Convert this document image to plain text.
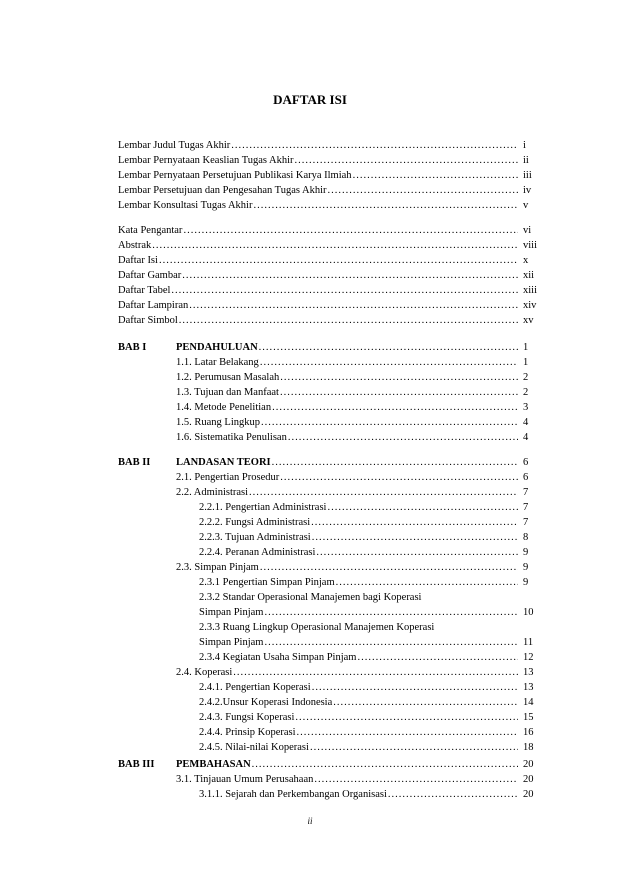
DAFTAR ISI
Lembar Judul Tugas Akhir .....	i
Lembar Pernyataan Keaslian Tugas Akhir .....	ii
Lembar Pernyataan Persetujuan Publikasi Karya Ilmiah .....	iii
Lembar Persetujuan dan Pengesahan Tugas Akhir .....	iv
Lembar Konsultasi Tugas Akhir .....	v
Kata Pengantar .....	vi
Abstrak .....	viii
Daftar Isi .....	x
Daftar Gambar .....	xii
Daftar Tabel .....	xiii
Daftar Lampiran .....	xiv
Daftar Simbol .....	xv
BAB I	PENDAHULUAN .....	1
1.1. Latar Belakang .....	1
1.2. Perumusan Masalah .....	2
1.3. Tujuan dan Manfaat .....	2
1.4. Metode Penelitian .....	3
1.5. Ruang Lingkup .....	4
1.6. Sistematika Penulisan .....	4
BAB II LANDASAN TEORI .....	6
2.1. Pengertian Prosedur .....	6
2.2. Administrasi .....	7
2.2.1. Pengertian Administrasi .....	7
2.2.2. Fungsi Administrasi .....	7
2.2.3. Tujuan Administrasi .....	8
2.2.4. Peranan Administrasi .....	9
2.3. Simpan Pinjam .....	9
2.3.1 Pengertian Simpan Pinjam .....	9
2.3.2 Standar Operasional Manajemen bagi Koperasi
Simpan Pinjam .....	10
2.3.3 Ruang Lingkup Operasional Manajemen Koperasi
Simpan Pinjam .....	11
2.3.4 Kegiatan Usaha Simpan Pinjam .....	12
2.4. Koperasi .....	13
2.4.1. Pengertian Koperasi .....	13
2.4.2.Unsur Koperasi Indonesia .....	14
2.4.3. Fungsi Koperasi .....	15
2.4.4. Prinsip Koperasi .....	16
2.4.5. Nilai-nilai Koperasi .....	18
BAB III PEMBAHASAN .....	20
3.1. Tinjauan Umum Perusahaan .....	20
3.1.1. Sejarah dan Perkembangan Organisasi .....	20
ii
